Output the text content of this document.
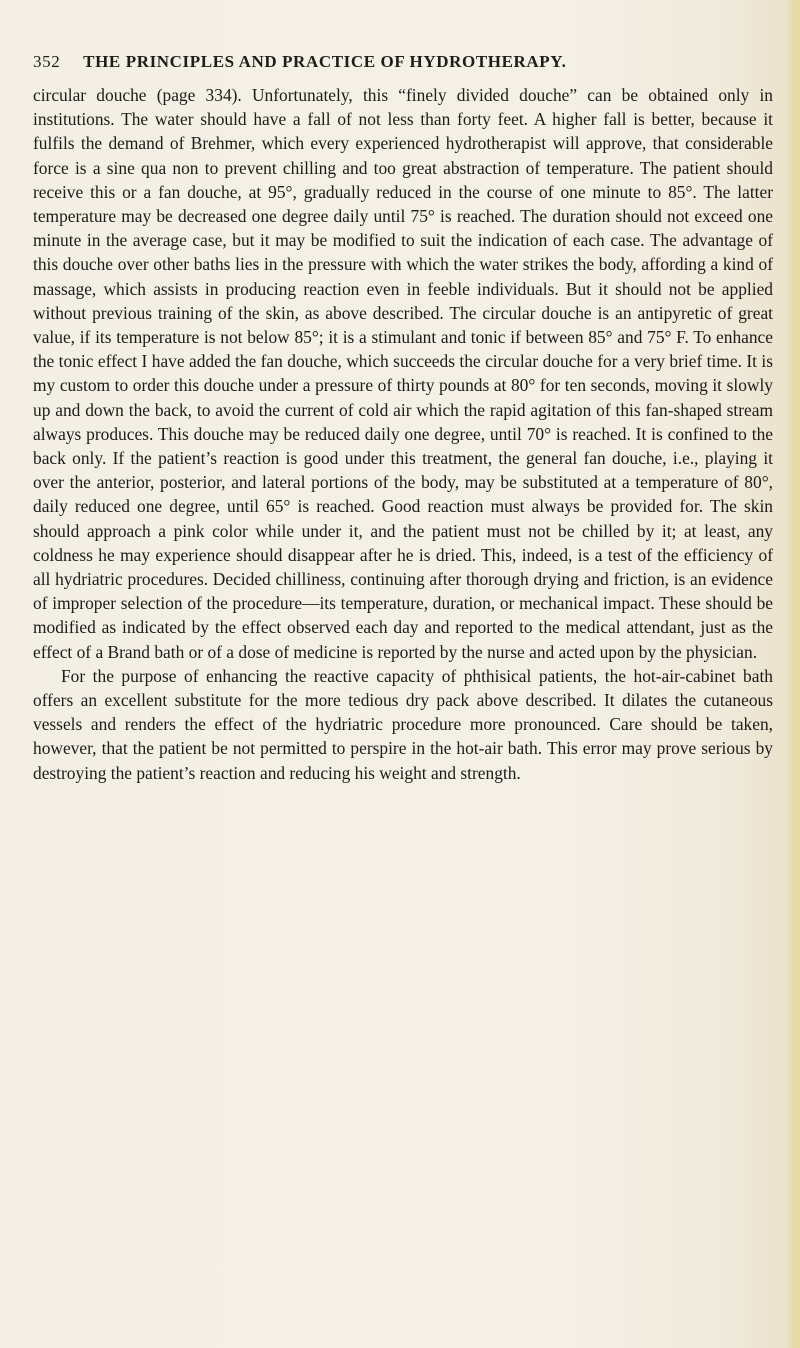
352 THE PRINCIPLES AND PRACTICE OF HYDROTHERAPY.

circular douche (page 334). Unfortunately, this “finely divided douche” can be obtained only in institutions. The water should have a fall of not less than forty feet. A higher fall is better, because it fulfils the demand of Brehmer, which every experienced hydrotherapist will approve, that considerable force is a sine qua non to prevent chilling and too great abstraction of temperature. The patient should receive this or a fan douche, at 95°, gradually reduced in the course of one minute to 85°. The latter temperature may be decreased one degree daily until 75° is reached. The duration should not exceed one minute in the average case, but it may be modified to suit the indication of each case. The advantage of this douche over other baths lies in the pressure with which the water strikes the body, affording a kind of massage, which assists in producing reaction even in feeble individuals. But it should not be applied without previous training of the skin, as above described. The circular douche is an antipyretic of great value, if its temperature is not below 85°; it is a stimulant and tonic if between 85° and 75° F. To enhance the tonic effect I have added the fan douche, which succeeds the circular douche for a very brief time. It is my custom to order this douche under a pressure of thirty pounds at 80° for ten seconds, moving it slowly up and down the back, to avoid the current of cold air which the rapid agitation of this fan-shaped stream always produces. This douche may be reduced daily one degree, until 70° is reached. It is confined to the back only. If the patient’s reaction is good under this treatment, the general fan douche, i.e., playing it over the anterior, posterior, and lateral portions of the body, may be substituted at a temperature of 80°, daily reduced one degree, until 65° is reached. Good reaction must always be provided for. The skin should approach a pink color while under it, and the patient must not be chilled by it; at least, any coldness he may experience should disappear after he is dried. This, indeed, is a test of the efficiency of all hydriatric procedures. Decided chilliness, continuing after thorough drying and friction, is an evidence of improper selection of the procedure—its temperature, duration, or mechanical impact. These should be modified as indicated by the effect observed each day and reported to the medical attendant, just as the effect of a Brand bath or of a dose of medicine is reported by the nurse and acted upon by the physician.

For the purpose of enhancing the reactive capacity of phthisical patients, the hot-air-cabinet bath offers an excellent substitute for the more tedious dry pack above described. It dilates the cutaneous vessels and renders the effect of the hydriatric procedure more pronounced. Care should be taken, however, that the patient be not permitted to perspire in the hot-air bath. This error may prove serious by destroying the patient’s reaction and reducing his weight and strength.
